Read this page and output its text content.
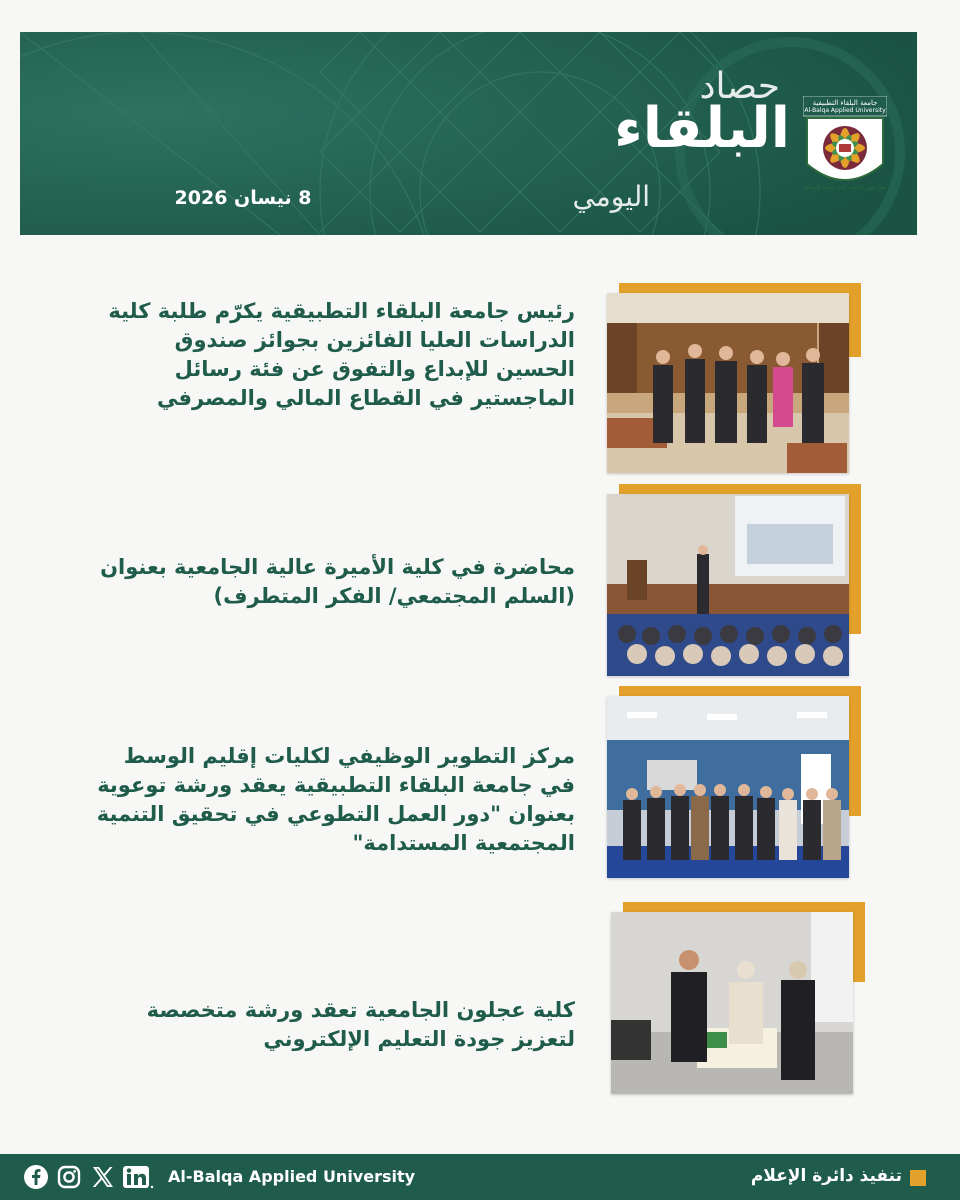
حصاد
البلقاء
اليومي
8 نيسان 2026
جامعة البلقاء التطبيقية
Al-Balqa Applied University
من عين جالوت إلى عمان السلام
رئيس جامعة البلقاء التطبيقية يكرّم طلبة كلية الدراسات العليا الفائزين بجوائز صندوق الحسين للإبداع والتفوق عن فئة رسائل الماجستير في القطاع المالي والمصرفي
محاضرة في كلية الأميرة عالية الجامعية بعنوان (السلم المجتمعي/ الفكر المتطرف)
مركز التطوير الوظيفي لكليات إقليم الوسط في جامعة البلقاء التطبيقية يعقد ورشة توعوية بعنوان "دور العمل التطوعي في تحقيق التنمية المجتمعية المستدامة"
كلية عجلون الجامعية تعقد ورشة متخصصة لتعزيز جودة التعليم الإلكتروني
تنفيذ دائرة الإعلام
Al-Balqa Applied University
